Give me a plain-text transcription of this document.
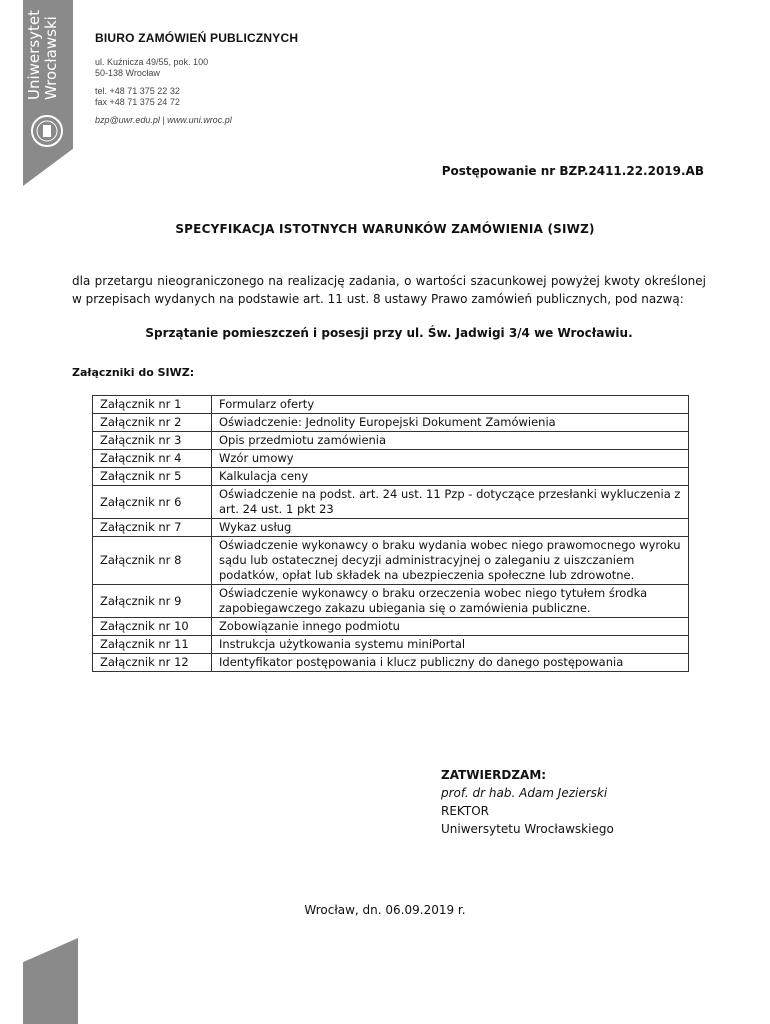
Uniwersytet Wrocławski	BIURO ZAMÓWIEŃ PUBLICZNYCH
ul. Kuźnicza 49/55, pok. 100
50-138 Wrocław
tel. +48 71 375 22 32
fax +48 71 375 24 72
bzp@uwr.edu.pl | www.uni.wroc.pl
Postępowanie nr BZP.2411.22.2019.AB
SPECYFIKACJA ISTOTNYCH WARUNKÓW ZAMÓWIENIA (SIWZ)
dla przetargu nieograniczonego na realizację zadania, o wartości szacunkowej powyżej kwoty określonej w przepisach wydanych na podstawie art. 11 ust. 8 ustawy Prawo zamówień publicznych, pod nazwą:
Sprzątanie pomieszczeń i posesji przy ul. Św. Jadwigi 3/4 we Wrocławiu.
Załączniki do SIWZ:
Załącznik nr 1	Formularz oferty
Załącznik nr 2	Oświadczenie: Jednolity Europejski Dokument Zamówienia
Załącznik nr 3	Opis przedmiotu zamówienia
Załącznik nr 4	Wzór umowy
Załącznik nr 5	Kalkulacja ceny
Załącznik nr 6	Oświadczenie na podst. art. 24 ust. 11 Pzp - dotyczące przesłanki wykluczenia z art. 24 ust. 1 pkt 23
Załącznik nr 7	Wykaz usług
Załącznik nr 8	Oświadczenie wykonawcy o braku wydania wobec niego prawomocnego wyroku sądu lub ostatecznej decyzji administracyjnej o zaleganiu z uiszczaniem podatków, opłat lub składek na ubezpieczenia społeczne lub zdrowotne.
Załącznik nr 9	Oświadczenie wykonawcy o braku orzeczenia wobec niego tytułem środka zapobiegawczego zakazu ubiegania się o zamówienia publiczne.
Załącznik nr 10	Zobowiązanie innego podmiotu
Załącznik nr 11	Instrukcja użytkowania systemu miniPortal
Załącznik nr 12	Identyfikator postępowania i klucz publiczny do danego postępowania
ZATWIERDZAM:
prof. dr hab. Adam Jezierski
REKTOR
Uniwersytetu Wrocławskiego
Wrocław, dn. 06.09.2019 r.
